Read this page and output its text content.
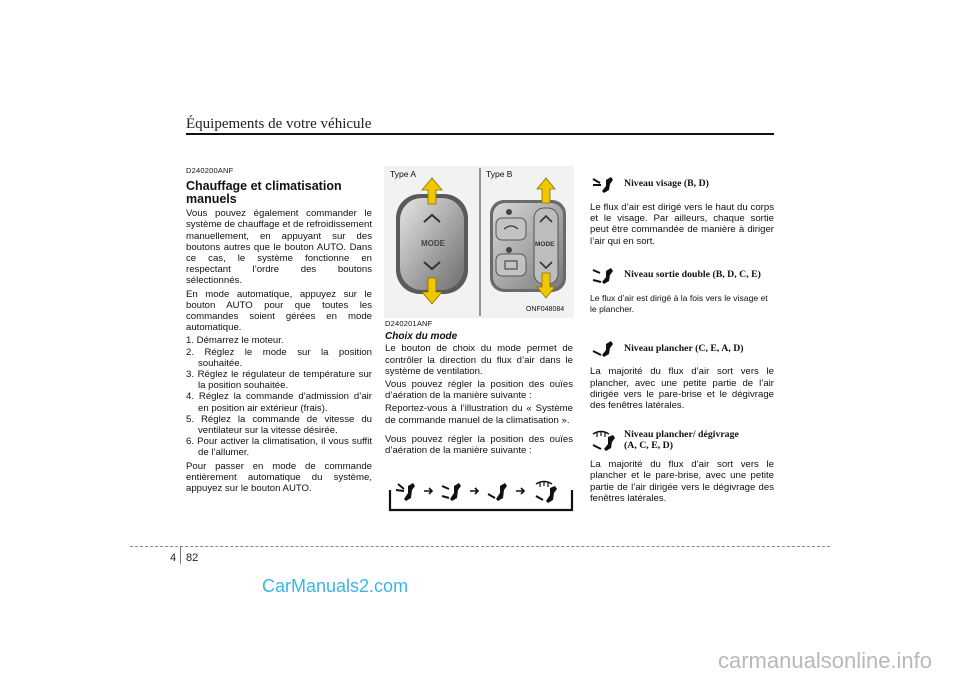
Équipements de votre véhicule
D240200ANF
Chauffage et climatisation manuels

Vous pouvez également commander le système de chauffage et de refroidissement manuellement, en appuyant sur des boutons autres que le bouton AUTO. Dans ce cas, le système fonctionne en respectant l’ordre des boutons sélectionnés.

En mode automatique, appuyez sur le bouton AUTO pour que toutes les commandes soient gérées en mode automatique.

1. Démarrez le moteur.
2. Réglez le mode sur la position souhaitée.
3. Réglez le régulateur de température sur la position souhaitée.
4. Réglez la commande d’admission d’air en position air extérieur (frais).
5. Réglez la commande de vitesse du ventilateur sur la vitesse désirée.
6. Pour activer la climatisation, il vous suffit de l’allumer.

Pour passer en mode de commande entièrement automatique du système, appuyez sur le bouton AUTO.

Type A	Type B
MODE	MODE
ONF048084
D240201ANF
Choix du mode

Le bouton de choix du mode permet de contrôler la direction du flux d’air dans le système de ventilation.

Vous pouvez régler la position des ouïes d’aération de la manière suivante :

Reportez-vous à l’illustration du « Système de commande manuel de la climatisation ».

Vous pouvez régler la position des ouïes d’aération de la manière suivante :

Niveau visage (B, D)

Le flux d’air est dirigé vers le haut du corps et le visage. Par ailleurs, chaque sortie peut être commandée de manière à diriger l’air qui en sort.

Niveau sortie double (B, D, C, E)

Le flux d’air est dirigé à la fois vers le visage et le plancher.

Niveau plancher (C, E, A, D)

La majorité du flux d’air sort vers le plancher, avec une petite partie de l’air dirigée vers le pare-brise et le dégivrage des fenêtres latérales.

Niveau plancher/ dégivrage
(A, C, E, D)

La majorité du flux d’air sort vers le plancher et le pare-brise, avec une petite partie de l’air dirigée vers le dégivrage des fenêtres latérales.

4 82
CarManuals2.com
carmanualsonline.info
